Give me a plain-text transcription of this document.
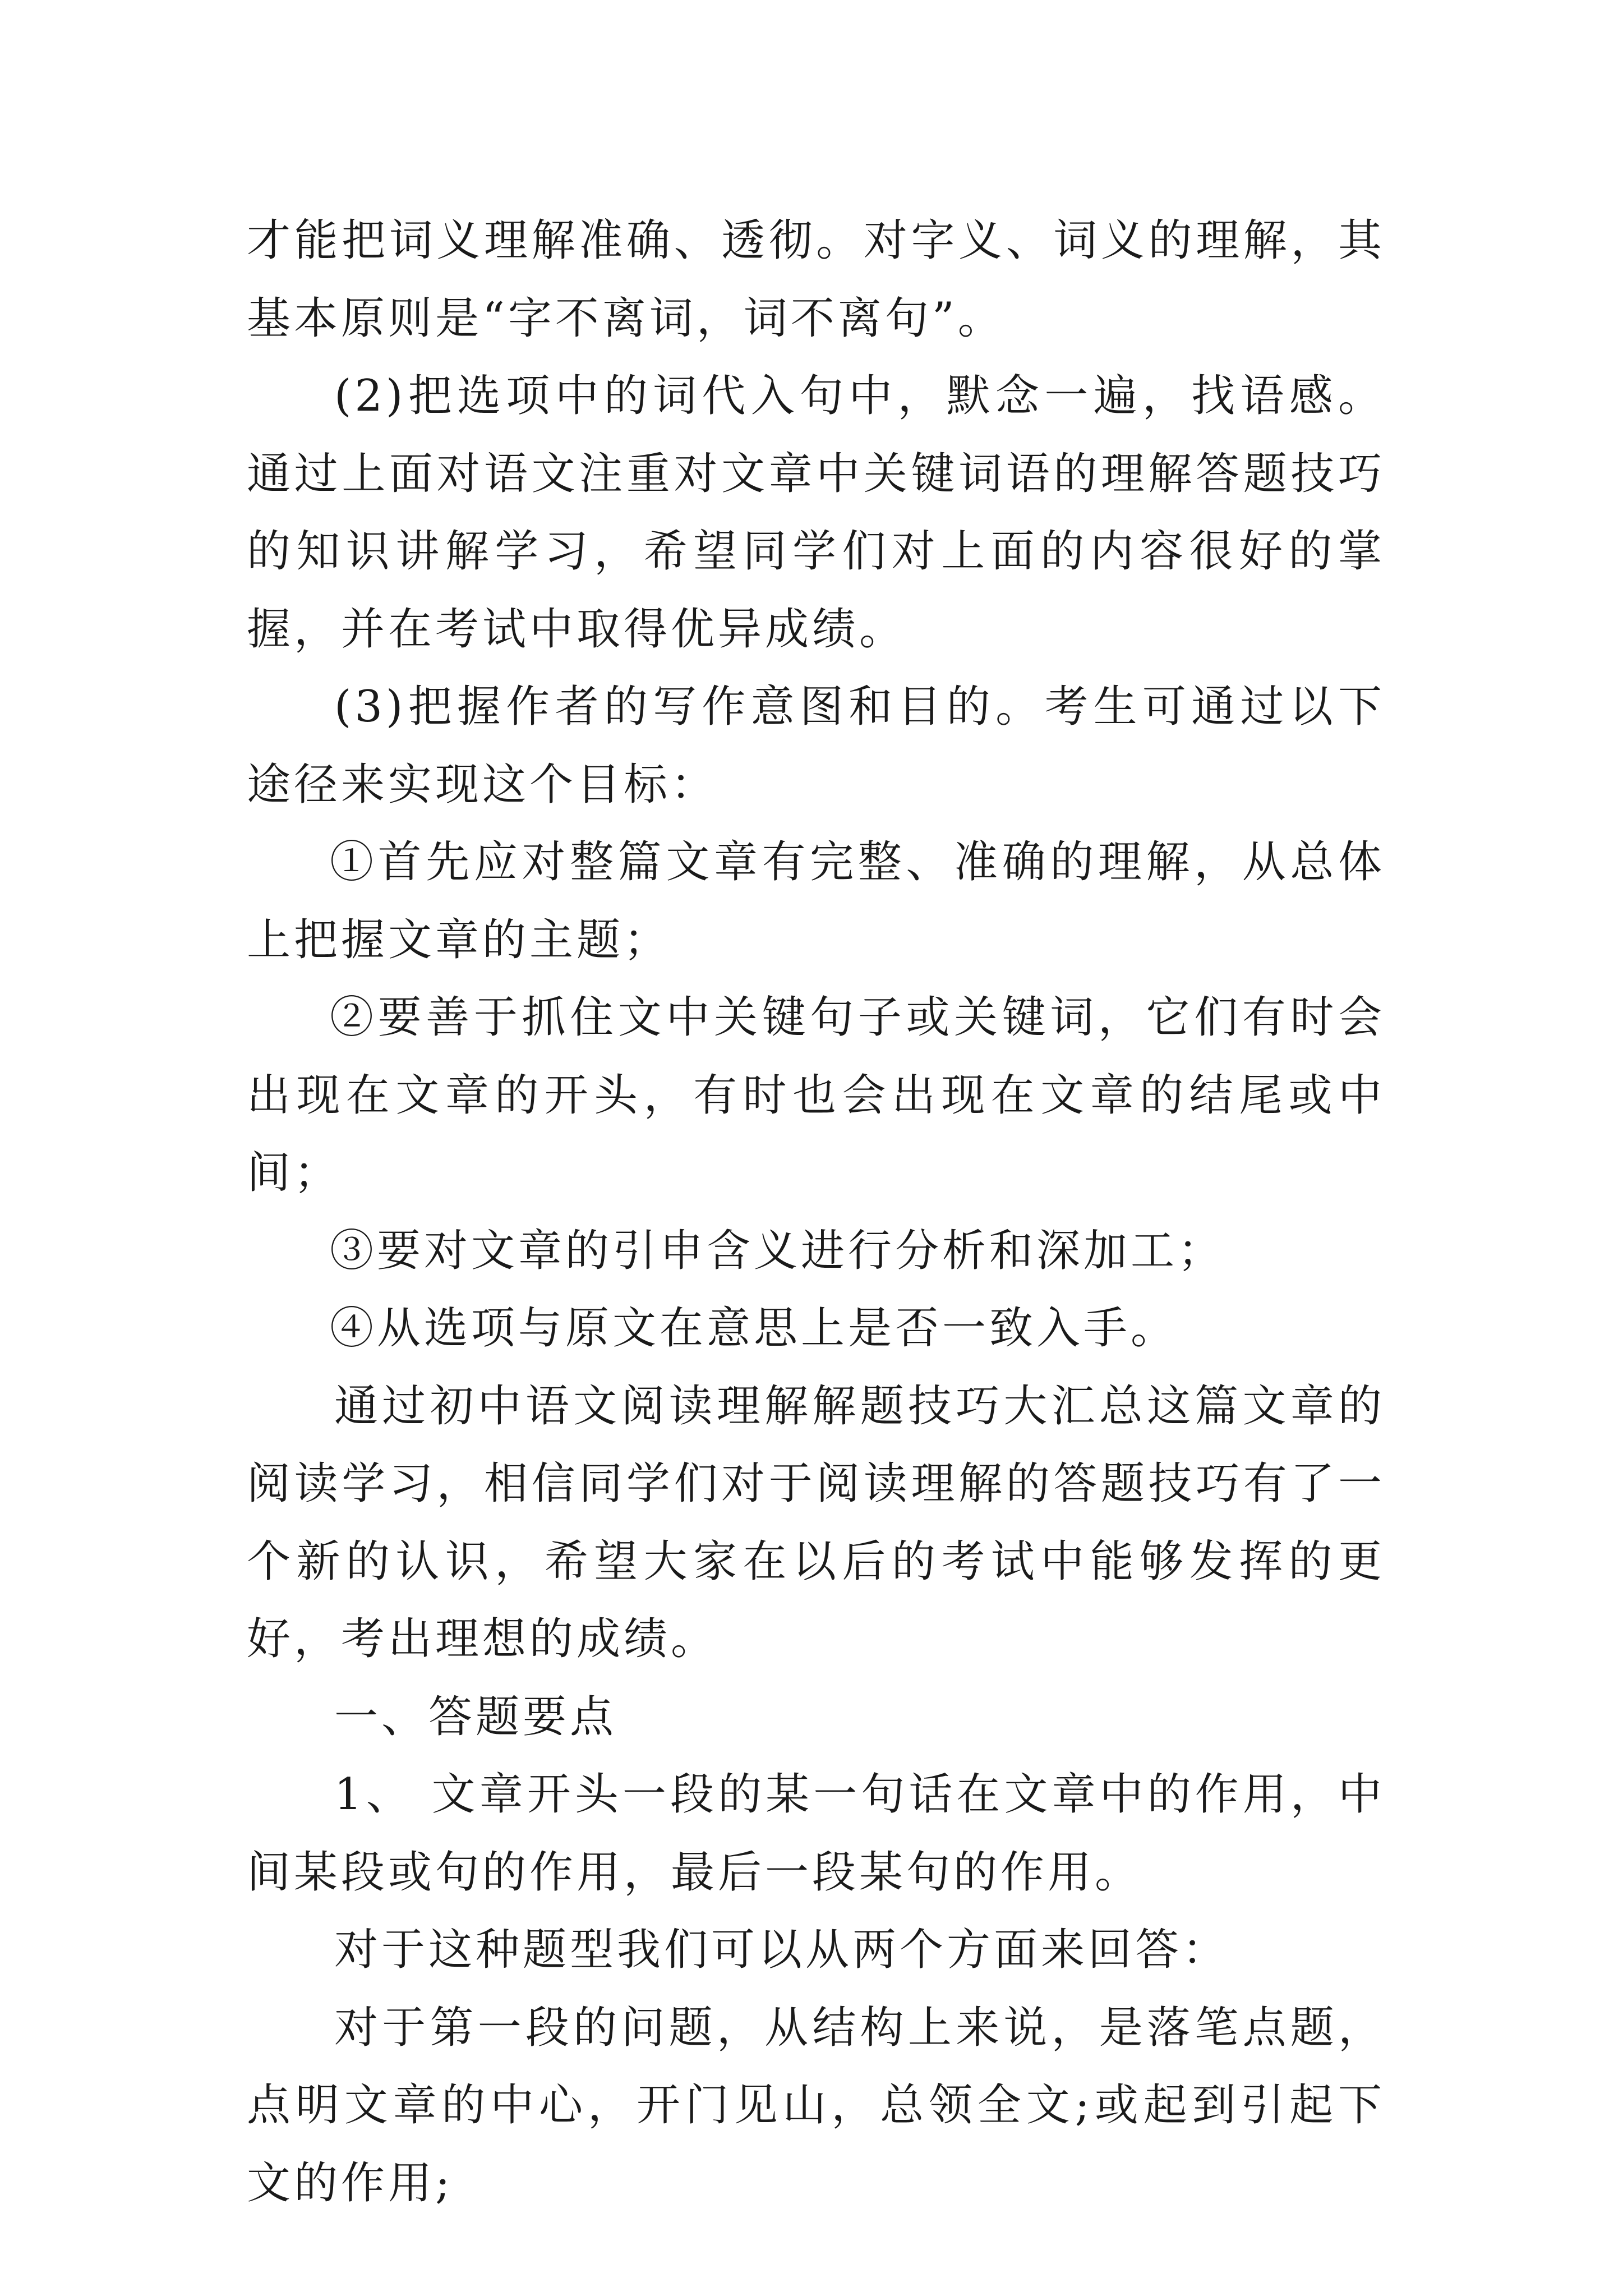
才能把词义理解准确、透彻。对字义、词义的理解，其基本原则是“字不离词，词不离句”。

(2)把选项中的词代入句中，默念一遍，找语感。通过上面对语文注重对文章中关键词语的理解答题技巧的知识讲解学习，希望同学们对上面的内容很好的掌握，并在考试中取得优异成绩。

(3)把握作者的写作意图和目的。考生可通过以下途径来实现这个目标：

①首先应对整篇文章有完整、准确的理解，从总体上把握文章的主题；

②要善于抓住文中关键句子或关键词，它们有时会出现在文章的开头，有时也会出现在文章的结尾或中间；

③要对文章的引申含义进行分析和深加工；

④从选项与原文在意思上是否一致入手。

通过初中语文阅读理解解题技巧大汇总这篇文章的阅读学习，相信同学们对于阅读理解的答题技巧有了一个新的认识，希望大家在以后的考试中能够发挥的更好，考出理想的成绩。

一、答题要点

1、 文章开头一段的某一句话在文章中的作用，中间某段或句的作用，最后一段某句的作用。

对于这种题型我们可以从两个方面来回答：

对于第一段的问题，从结构上来说，是落笔点题，点明文章的中心，开门见山，总领全文;或起到引起下文的作用;
